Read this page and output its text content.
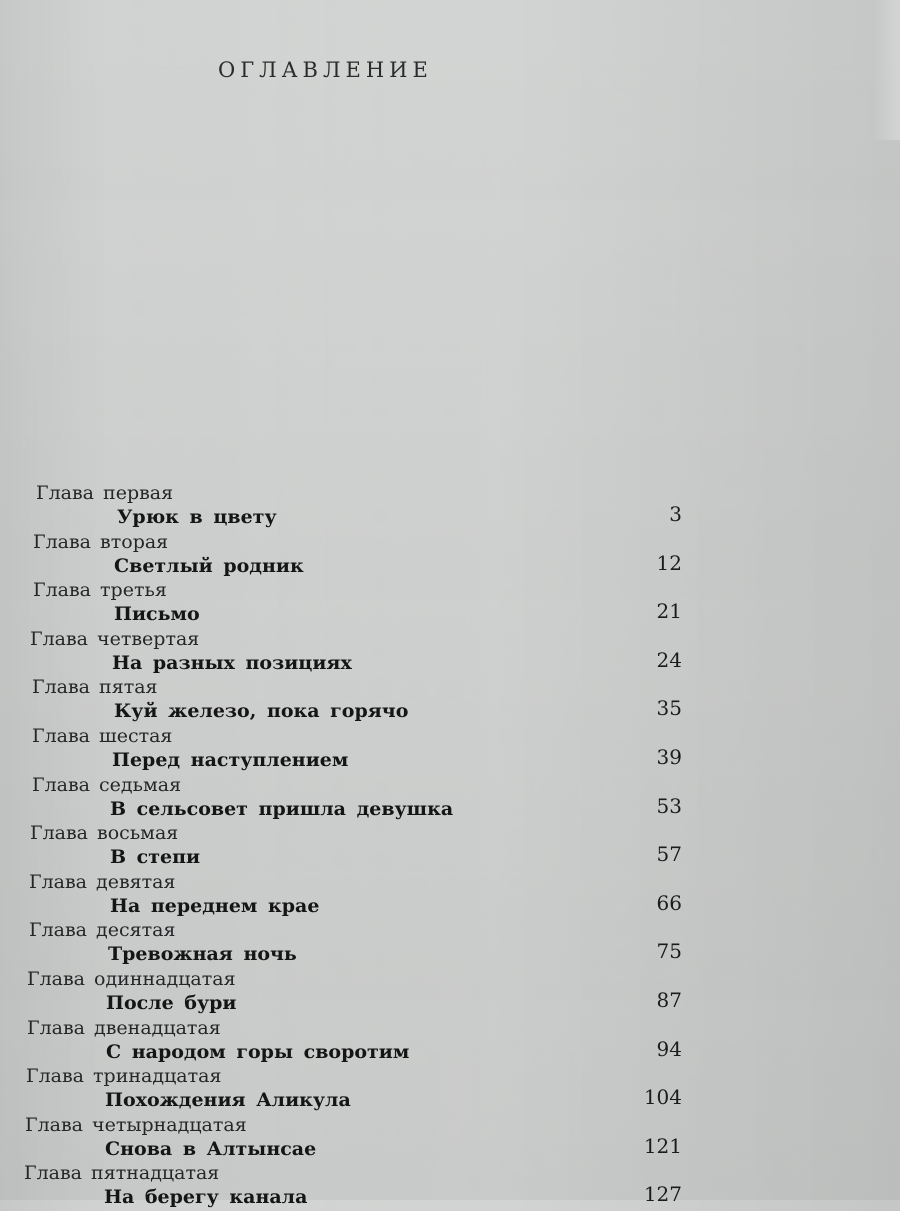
ОГЛАВЛЕНИЕ
Глава первая
Урюк в цвету	3
Глава вторая
Светлый родник	12
Глава третья
Письмо	21
Глава четвертая
На разных позициях	24
Глава пятая
Куй железо, пока горячо	35
Глава шестая
Перед наступлением	39
Глава седьмая
В сельсовет пришла девушка	53
Глава восьмая
В степи	57
Глава девятая
На переднем крае	66
Глава десятая
Тревожная ночь	75
Глава одиннадцатая
После бури	87
Глава двенадцатая
С народом горы своротим	94
Глава тринадцатая
Похождения Аликула	104
Глава четырнадцатая
Снова в Алтынсае	121
Глава пятнадцатая
На берегу канала	127
